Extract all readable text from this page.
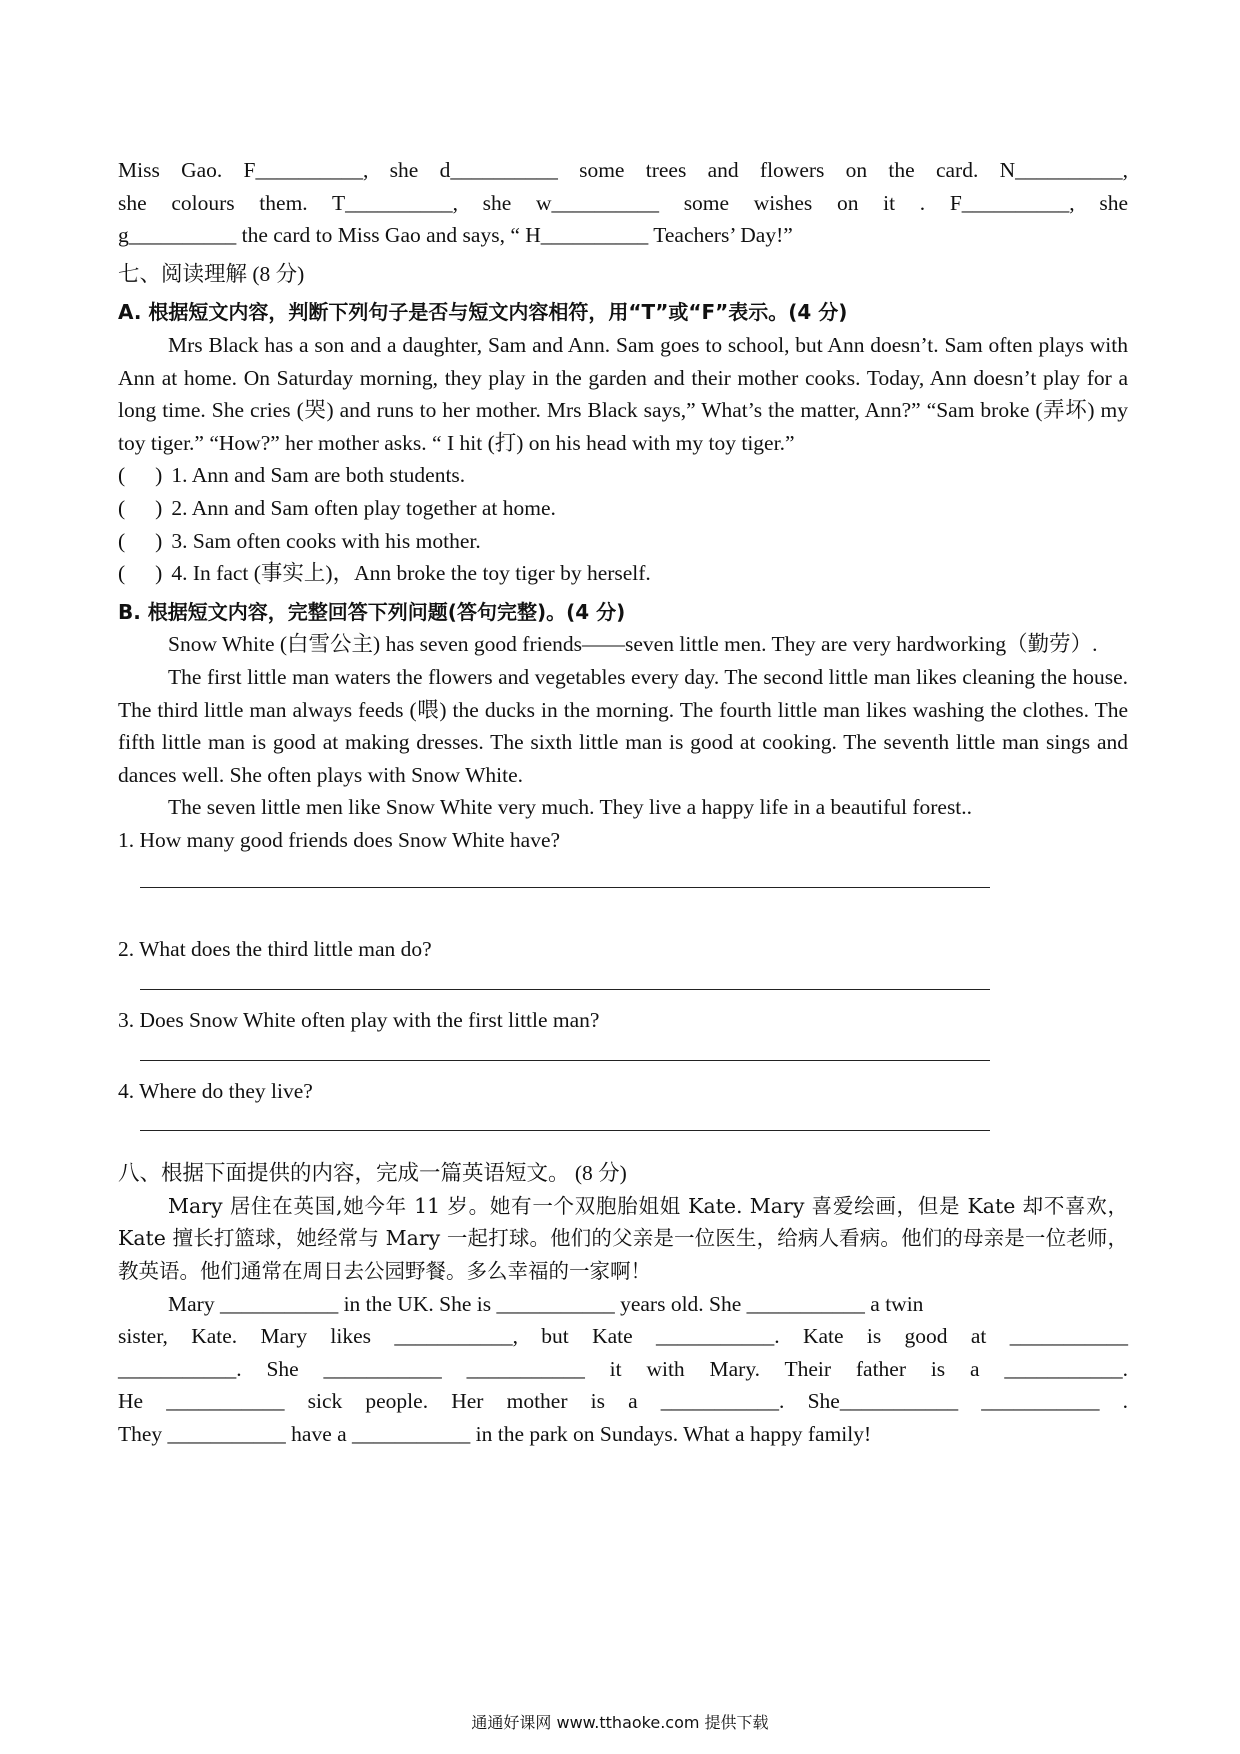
Miss Gao. F__________, she d__________ some trees and flowers on the card. N__________,
she colours them. T__________, she w__________ some wishes on it . F__________, she
g__________ the card to Miss Gao and says, “ H__________ Teachers’ Day!”
七、阅读理解 (8 分)
A. 根据短文内容，判断下列句子是否与短文内容相符，用“T”或“F”表示。(4 分)

Mrs Black has a son and a daughter, Sam and Ann. Sam goes to school, but Ann doesn’t. Sam often plays with Ann at home. On Saturday morning, they play in the garden and their mother cooks. Today, Ann doesn’t play for a long time. She cries (哭) and runs to her mother. Mrs Black says,” What’s the matter, Ann?” “Sam broke (弄坏) my toy tiger.” “How?” her mother asks. “ I hit (打) on his head with my toy tiger.”

( ) 1. Ann and Sam are both students.
( ) 2. Ann and Sam often play together at home.
( ) 3. Sam often cooks with his mother.
( ) 4. In fact (事实上)，Ann broke the toy tiger by herself.
B. 根据短文内容，完整回答下列问题(答句完整)。(4 分)

Snow White (白雪公主) has seven good friends——seven little men. They are very hardworking（勤劳）.

The first little man waters the flowers and vegetables every day. The second little man likes cleaning the house. The third little man always feeds (喂) the ducks in the morning. The fourth little man likes washing the clothes. The fifth little man is good at making dresses. The sixth little man is good at cooking. The seventh little man sings and dances well. She often plays with Snow White.

The seven little men like Snow White very much. They live a happy life in a beautiful forest..

1. How many good friends does Snow White have?
2. What does the third little man do?
3. Does Snow White often play with the first little man?
4. Where do they live?
八、根据下面提供的内容，完成一篇英语短文。 (8 分)

Mary 居住在英国,她今年 11 岁。她有一个双胞胎姐姐 Kate. Mary 喜爱绘画，但是 Kate 却不喜欢，Kate 擅长打篮球，她经常与 Mary 一起打球。他们的父亲是一位医生，给病人看病。他们的母亲是一位老师，教英语。他们通常在周日去公园野餐。多么幸福的一家啊！

Mary ___________ in the UK. She is ___________ years old. She ___________ a twin
sister, Kate. Mary likes ___________, but Kate ___________. Kate is good at ___________
___________. She ___________ ___________ it with Mary. Their father is a ___________.
He ___________ sick people. Her mother is a ___________. She___________ ___________ .
They ___________ have a ___________ in the park on Sundays. What a happy family!
通通好课网 www.tthaoke.com 提供下载
